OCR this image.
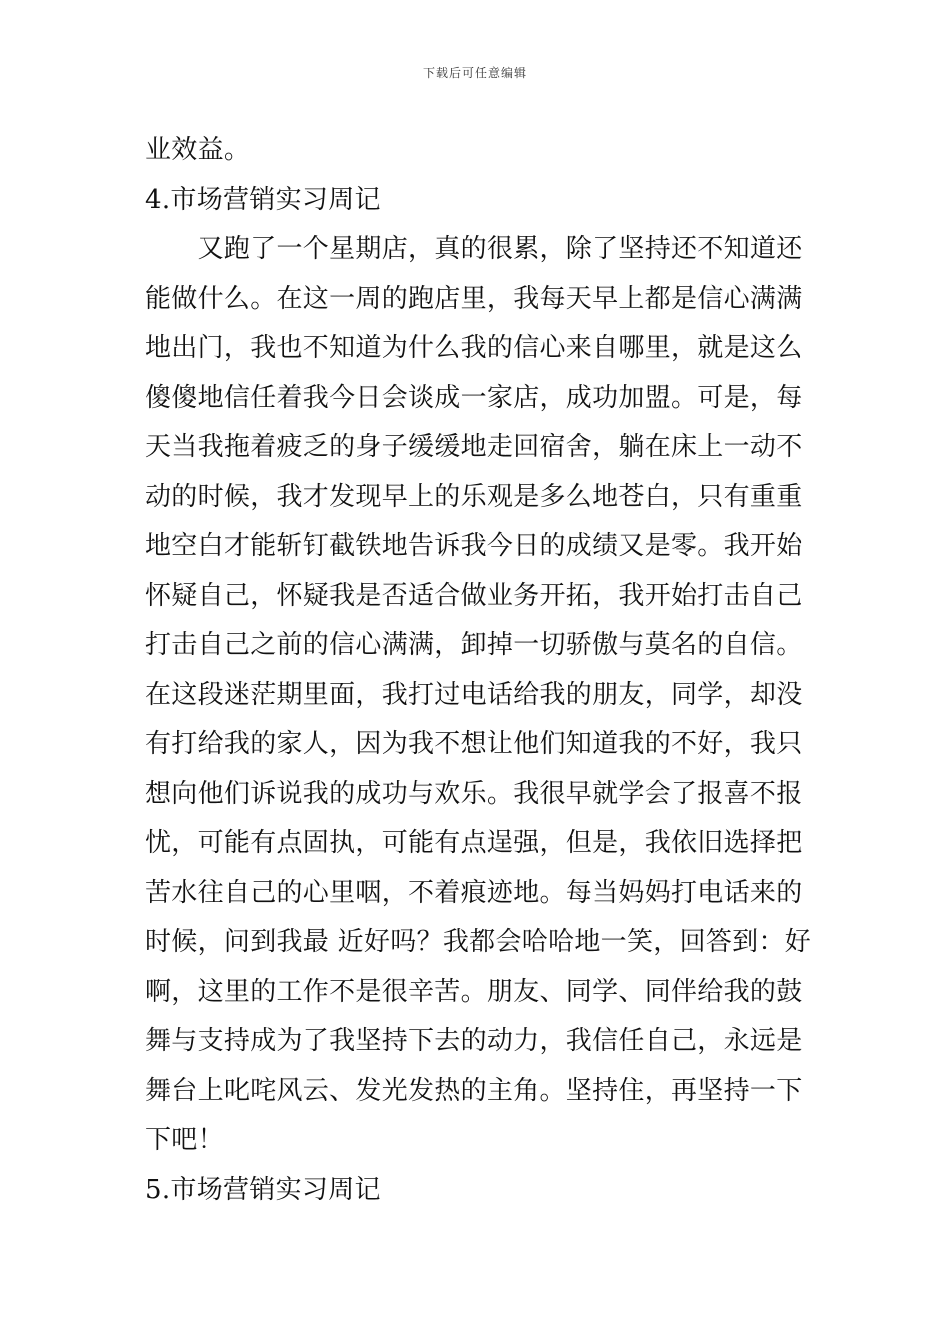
下载后可任意编辑
业效益。
4.市场营销实习周记
　　又跑了一个星期店，真的很累，除了坚持还不知道还
能做什么。在这一周的跑店里，我每天早上都是信心满满
地出门，我也不知道为什么我的信心来自哪里，就是这么
傻傻地信任着我今日会谈成一家店，成功加盟。可是，每
天当我拖着疲乏的身子缓缓地走回宿舍，躺在床上一动不
动的时候，我才发现早上的乐观是多么地苍白，只有重重
地空白才能斩钉截铁地告诉我今日的成绩又是零。我开始
怀疑自己，怀疑我是否适合做业务开拓，我开始打击自己
打击自己之前的信心满满，卸掉一切骄傲与莫名的自信。
在这段迷茫期里面，我打过电话给我的朋友，同学，却没
有打给我的家人，因为我不想让他们知道我的不好，我只
想向他们诉说我的成功与欢乐。我很早就学会了报喜不报
忧，可能有点固执，可能有点逞强，但是，我依旧选择把
苦水往自己的心里咽，不着痕迹地。每当妈妈打电话来的
时候，问到我最 近好吗？我都会哈哈地一笑，回答到：好
啊，这里的工作不是很辛苦。朋友、同学、同伴给我的鼓
舞与支持成为了我坚持下去的动力，我信任自己，永远是
舞台上叱咤风云、发光发热的主角。坚持住，再坚持一下
下吧！
5.市场营销实习周记
